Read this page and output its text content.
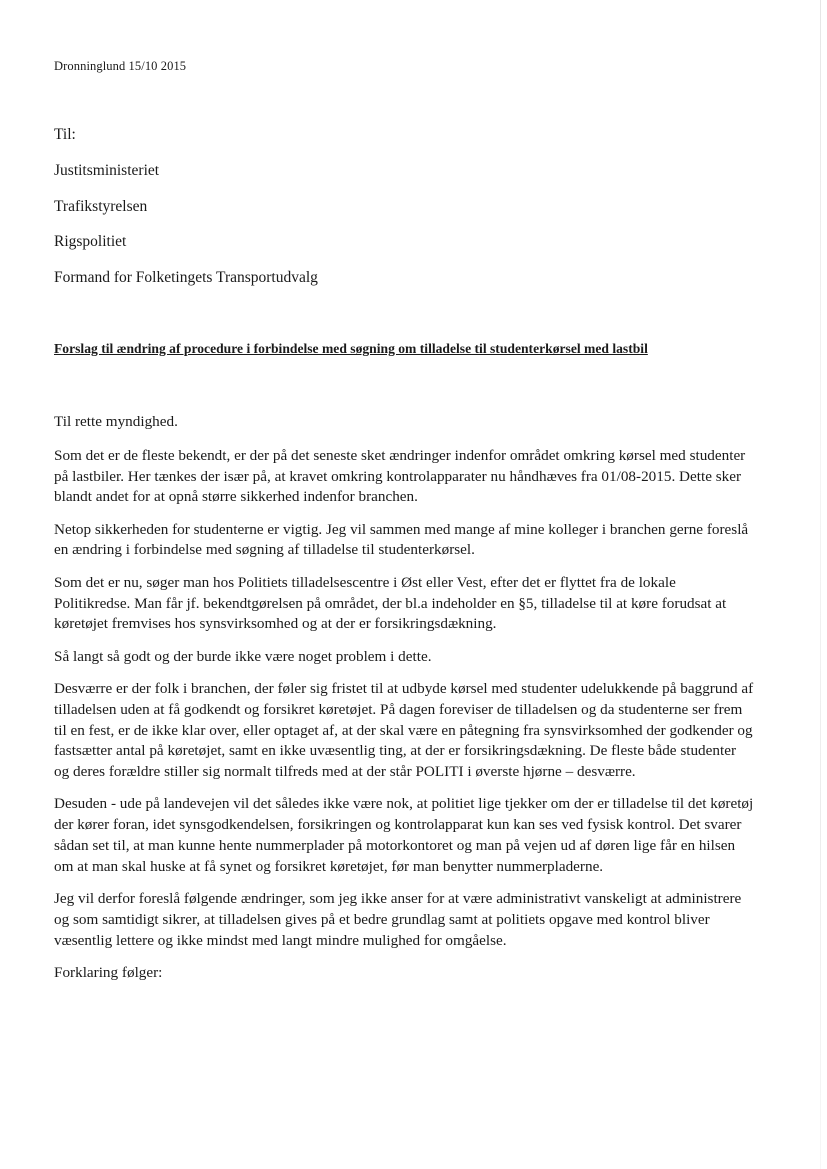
Dronninglund 15/10 2015
Til:
Justitsministeriet
Trafikstyrelsen
Rigspolitiet
Formand for Folketingets Transportudvalg
Forslag til ændring af procedure i forbindelse med søgning om tilladelse til studenterkørsel med lastbil

Til rette myndighed.

Som det er de fleste bekendt, er der på det seneste sket ændringer indenfor området omkring kørsel med studenter på lastbiler. Her tænkes der især på, at kravet omkring kontrolapparater nu håndhæves fra 01/08-2015. Dette sker blandt andet for at opnå større sikkerhed indenfor branchen.

Netop sikkerheden for studenterne er vigtig. Jeg vil sammen med mange af mine kolleger i branchen gerne foreslå en ændring i forbindelse med søgning af tilladelse til studenterkørsel.

Som det er nu, søger man hos Politiets tilladelsescentre i Øst eller Vest, efter det er flyttet fra de lokale Politikredse. Man får jf. bekendtgørelsen på området, der bl.a indeholder en §5, tilladelse til at køre forudsat at køretøjet fremvises hos synsvirksomhed og at der er forsikringsdækning.

Så langt så godt og der burde ikke være noget problem i dette.

Desværre er der folk i branchen, der føler sig fristet til at udbyde kørsel med studenter udelukkende på baggrund af tilladelsen uden at få godkendt og forsikret køretøjet. På dagen foreviser de tilladelsen og da studenterne ser frem til en fest, er de ikke klar over, eller optaget af, at der skal være en påtegning fra synsvirksomhed der godkender og fastsætter antal på køretøjet, samt en ikke uvæsentlig ting, at der er forsikringsdækning. De fleste både studenter og deres forældre stiller sig normalt tilfreds med at der står POLITI i øverste hjørne – desværre.

Desuden - ude på landevejen vil det således ikke være nok, at politiet lige tjekker om der er tilladelse til det køretøj der kører foran, idet synsgodkendelsen, forsikringen og kontrolapparat kun kan ses ved fysisk kontrol. Det svarer sådan set til, at man kunne hente nummerplader på motorkontoret og man på vejen ud af døren lige får en hilsen om at man skal huske at få synet og forsikret køretøjet, før man benytter nummerpladerne.

Jeg vil derfor foreslå følgende ændringer, som jeg ikke anser for at være administrativt vanskeligt at administrere og som samtidigt sikrer, at tilladelsen gives på et bedre grundlag samt at politiets opgave med kontrol bliver væsentlig lettere og ikke mindst med langt mindre mulighed for omgåelse.

Forklaring følger:
